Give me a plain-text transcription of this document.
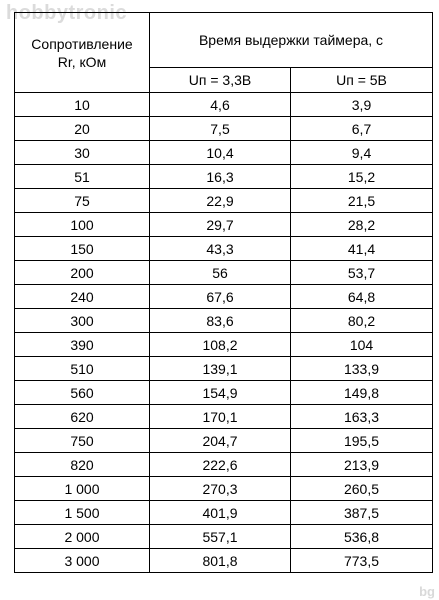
hobbytronic
Сопротивление
Rr, кОм	Время выдержки таймера, с	
	Uп = 3,3В	Uп = 5В
10	4,6	3,9
20	7,5	6,7
30	10,4	9,4
51	16,3	15,2
75	22,9	21,5
100	29,7	28,2
150	43,3	41,4
200	56	53,7
240	67,6	64,8
300	83,6	80,2
390	108,2	104
510	139,1	133,9
560	154,9	149,8
620	170,1	163,3
750	204,7	195,5
820	222,6	213,9
1 000	270,3	260,5
1 500	401,9	387,5
2 000	557,1	536,8
3 000	801,8	773,5
bg
